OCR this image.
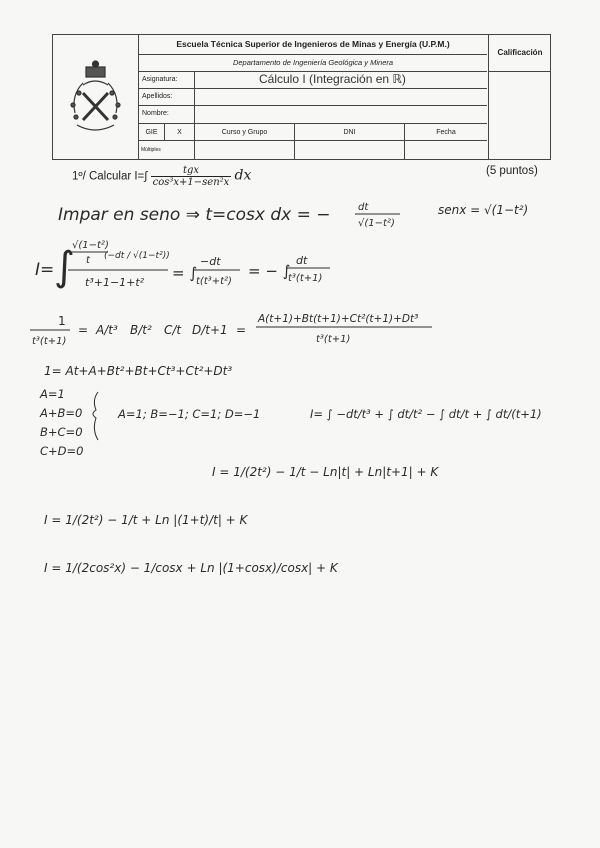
Escuela Técnica Superior de Ingenieros de Minas y Energía (U.P.M.)
Departamento de Ingeniería Geológica y Minera
Calificación
Asignatura:	Cálculo I (Integración en ℝ)
Apellidos:
Nombre:
GIE	X	Curso y Grupo	DNI	Fecha
Múltiples
1º/ Calcular I=∫
tgx
cos³x+1−sen²x dx	(5 puntos)
Impar en seno ⇒ t=cosx dx = −	dt
√(1−t²)
senx = √(1−t²)
I= ∫
√(1−t²)
t (−dt / √(1−t²))
t³+1−1+t²
= ∫
−dt
t(t³+t²)
= − ∫
dt
t³(t+1)
1
t³(t+1)
= A/t³ B/t² C/t D/t+1 =
A(t+1)+Bt(t+1)+Ct²(t+1)+Dt³
t³(t+1)
1= At+A+Bt²+Bt+Ct³+Ct²+Dt³
A=1
A+B=0
B+C=0
C+D=0
A=1; B=−1; C=1; D=−1	I= ∫ −dt/t³ + ∫ dt/t² − ∫ dt/t + ∫ dt/(t+1)
I = 1/(2t²) − 1/t − Ln|t| + Ln|t+1| + K
I = 1/(2t²) − 1/t + Ln |(1+t)/t| + K
I = 1/(2cos²x) − 1/cosx + Ln |(1+cosx)/cosx| + K
